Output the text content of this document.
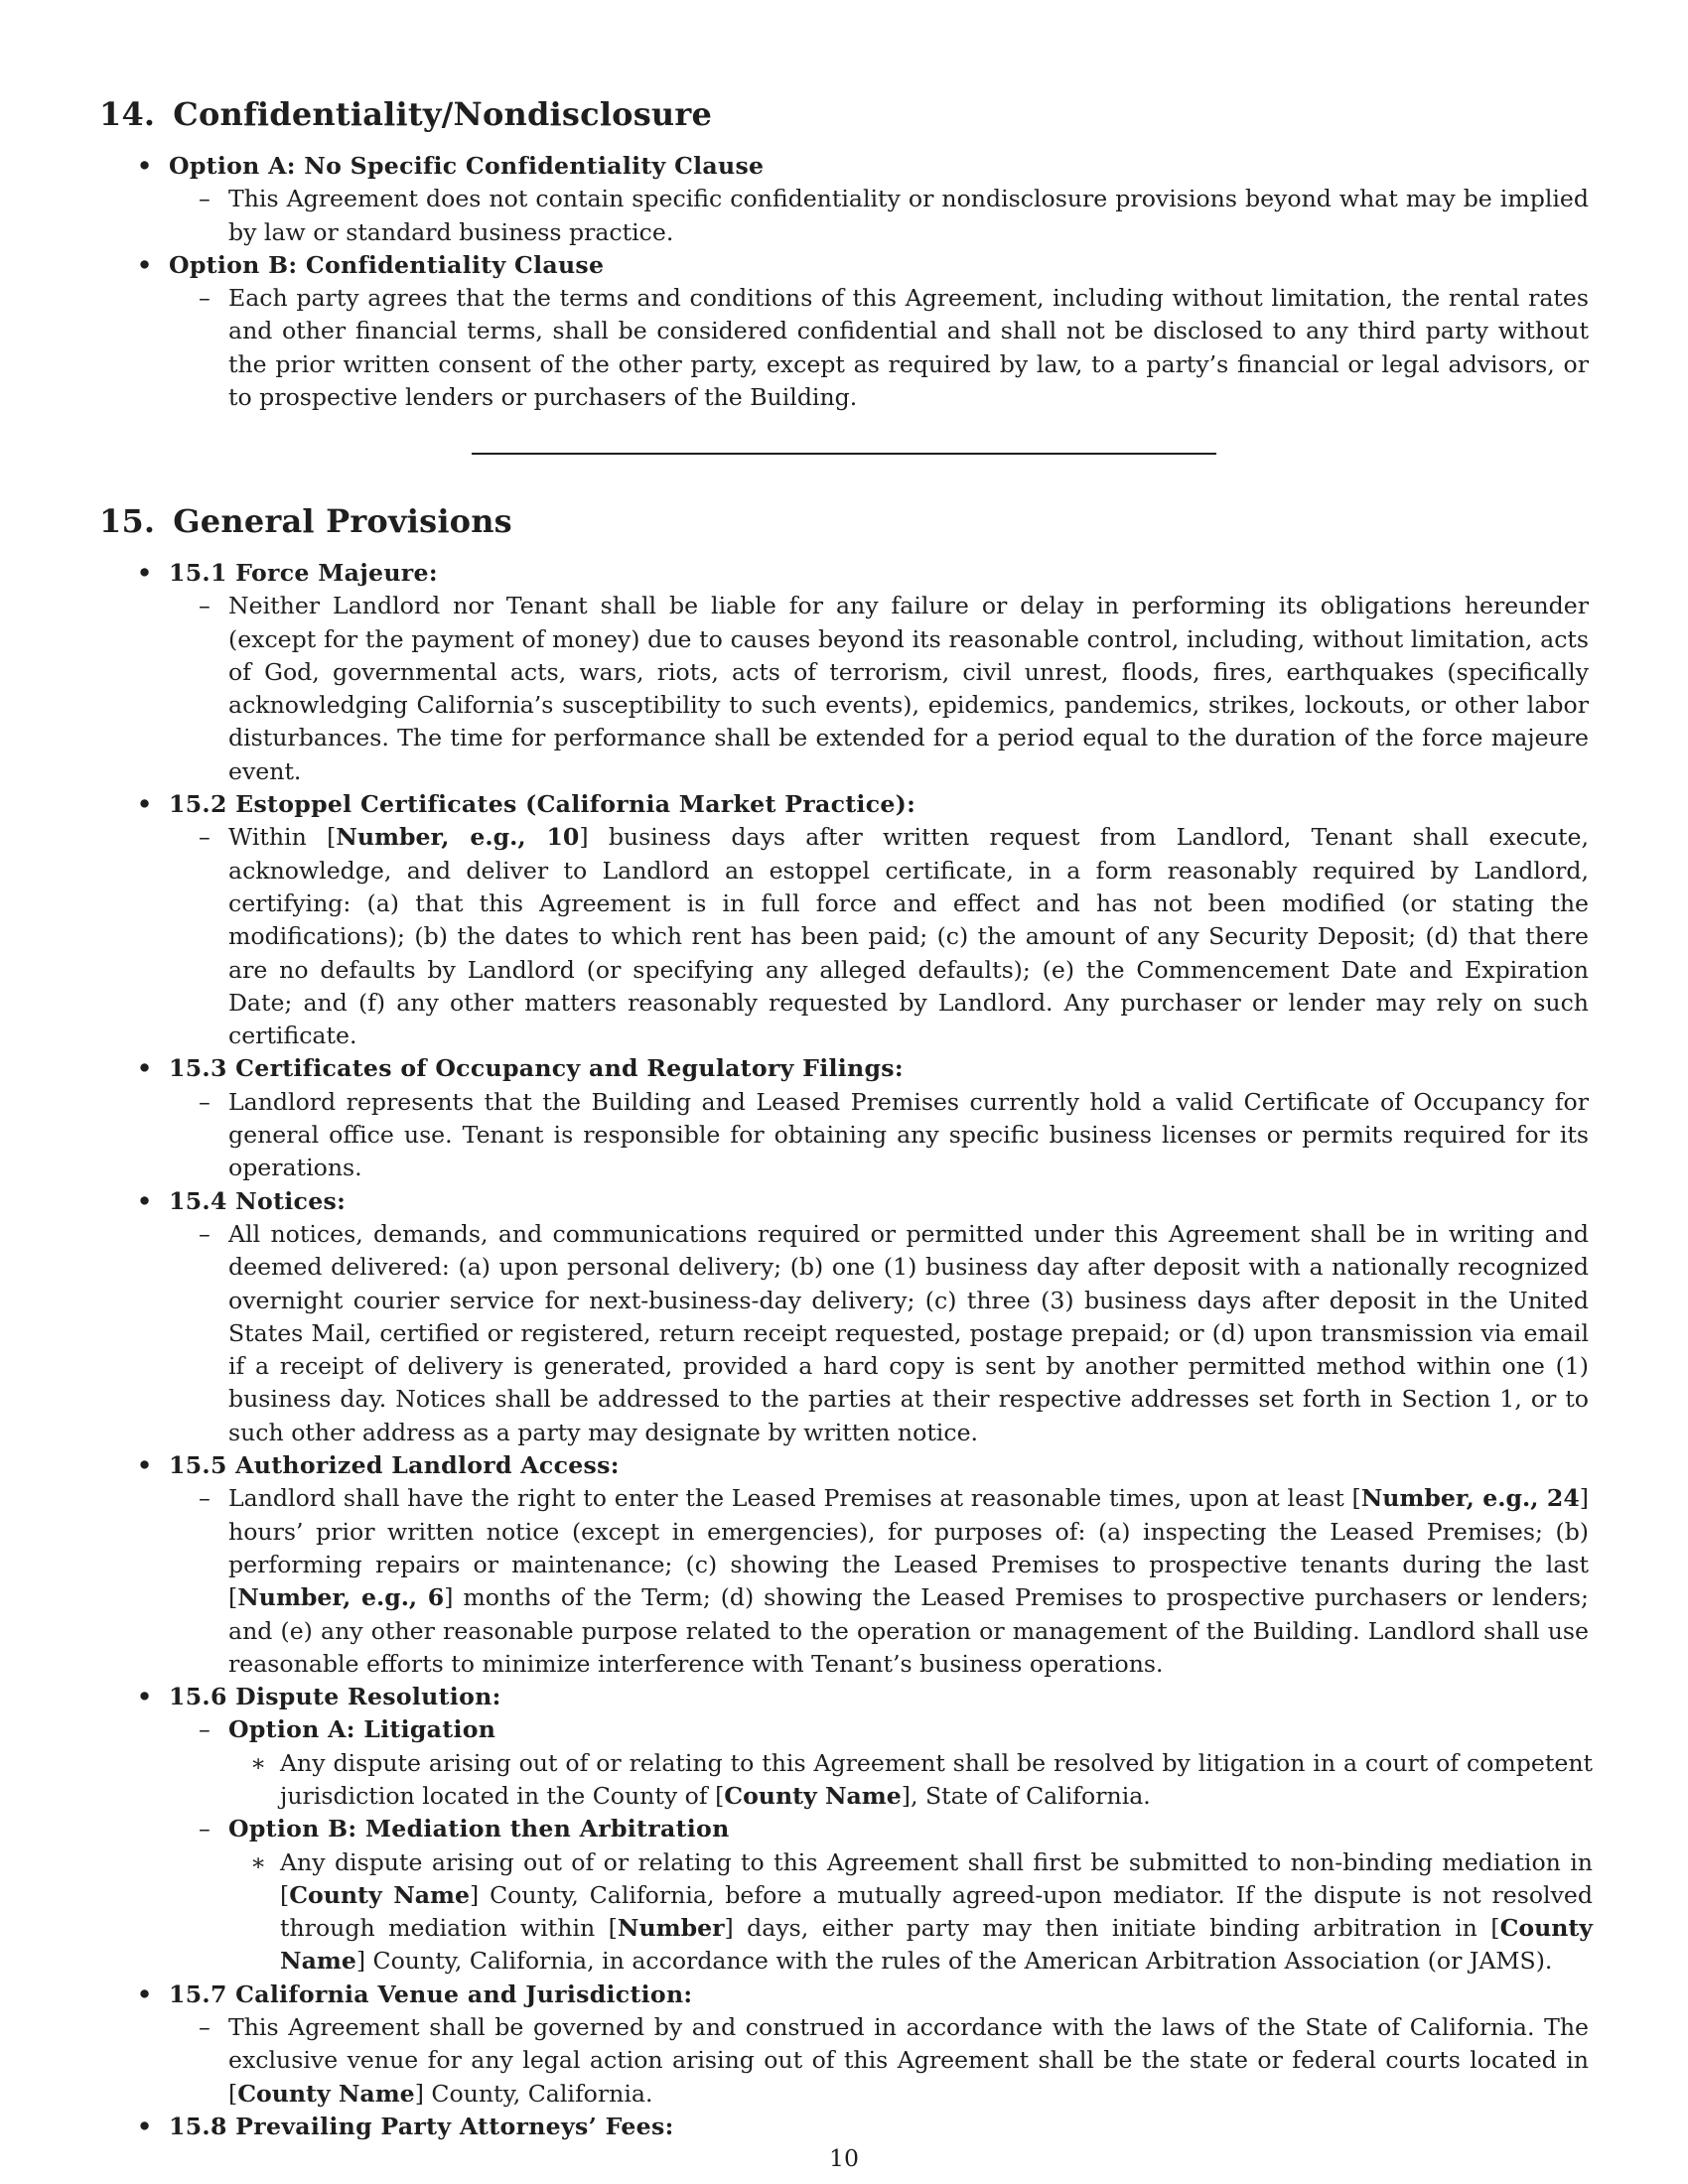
14. Confidentiality/Nondisclosure
• Option A: No Specific Confidentiality Clause
– This Agreement does not contain specific confidentiality or nondisclosure provisions beyond what may be implied by law or standard business practice.
• Option B: Confidentiality Clause
– Each party agrees that the terms and conditions of this Agreement, including without limitation, the rental rates and other financial terms, shall be considered confidential and shall not be disclosed to any third party without the prior written consent of the other party, except as required by law, to a party’s financial or legal advisors, or to prospective lenders or purchasers of the Building.
15. General Provisions
• 15.1 Force Majeure:
– Neither Landlord nor Tenant shall be liable for any failure or delay in performing its obligations hereunder (except for the payment of money) due to causes beyond its reasonable control, including, without limitation, acts of God, governmental acts, wars, riots, acts of terrorism, civil unrest, floods, fires, earthquakes (specifically acknowledging California’s susceptibility to such events), epidemics, pandemics, strikes, lockouts, or other labor disturbances. The time for performance shall be extended for a period equal to the duration of the force majeure event.
• 15.2 Estoppel Certificates (California Market Practice):
– Within [Number, e.g., 10] business days after written request from Landlord, Tenant shall execute, acknowledge, and deliver to Landlord an estoppel certificate, in a form reasonably required by Landlord, certifying: (a) that this Agreement is in full force and effect and has not been modified (or stating the modifications); (b) the dates to which rent has been paid; (c) the amount of any Security Deposit; (d) that there are no defaults by Landlord (or specifying any alleged defaults); (e) the Commencement Date and Expiration Date; and (f) any other matters reasonably requested by Landlord. Any purchaser or lender may rely on such certificate.
• 15.3 Certificates of Occupancy and Regulatory Filings:
– Landlord represents that the Building and Leased Premises currently hold a valid Certificate of Occupancy for general office use. Tenant is responsible for obtaining any specific business licenses or permits required for its operations.
• 15.4 Notices:
– All notices, demands, and communications required or permitted under this Agreement shall be in writing and deemed delivered: (a) upon personal delivery; (b) one (1) business day after deposit with a nationally recognized overnight courier service for next-business-day delivery; (c) three (3) business days after deposit in the United States Mail, certified or registered, return receipt requested, postage prepaid; or (d) upon transmission via email if a receipt of delivery is generated, provided a hard copy is sent by another permitted method within one (1) business day. Notices shall be addressed to the parties at their respective addresses set forth in Section 1, or to such other address as a party may designate by written notice.
• 15.5 Authorized Landlord Access:
– Landlord shall have the right to enter the Leased Premises at reasonable times, upon at least [Number, e.g., 24] hours’ prior written notice (except in emergencies), for purposes of: (a) inspecting the Leased Premises; (b) performing repairs or maintenance; (c) showing the Leased Premises to prospective tenants during the last [Number, e.g., 6] months of the Term; (d) showing the Leased Premises to prospective purchasers or lenders; and (e) any other reasonable purpose related to the operation or management of the Building. Landlord shall use reasonable efforts to minimize interference with Tenant’s business operations.
• 15.6 Dispute Resolution:
– Option A: Litigation
∗ Any dispute arising out of or relating to this Agreement shall be resolved by litigation in a court of competent jurisdiction located in the County of [County Name], State of California.
– Option B: Mediation then Arbitration
∗ Any dispute arising out of or relating to this Agreement shall first be submitted to non-binding mediation in [County Name] County, California, before a mutually agreed-upon mediator. If the dispute is not resolved through mediation within [Number] days, either party may then initiate binding arbitration in [County Name] County, California, in accordance with the rules of the American Arbitration Association (or JAMS).
• 15.7 California Venue and Jurisdiction:
– This Agreement shall be governed by and construed in accordance with the laws of the State of California. The exclusive venue for any legal action arising out of this Agreement shall be the state or federal courts located in [County Name] County, California.
• 15.8 Prevailing Party Attorneys’ Fees:
10
